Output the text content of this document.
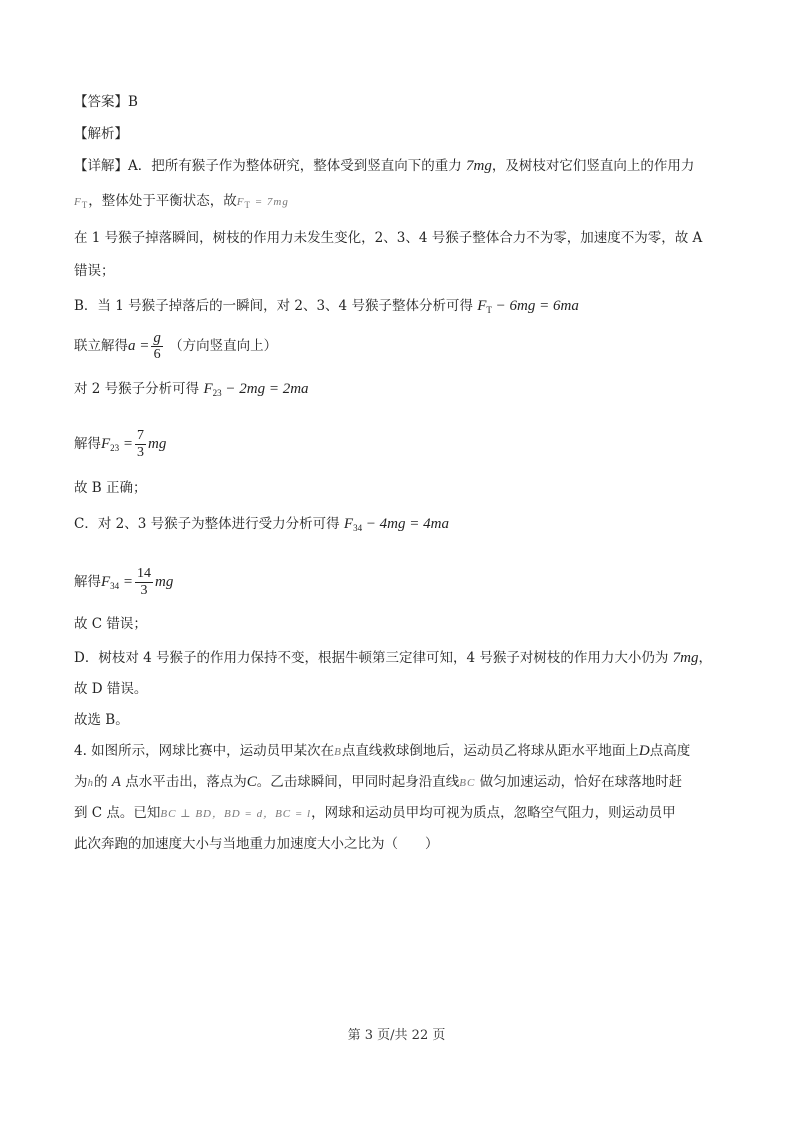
【答案】B
【解析】
【详解】A．把所有猴子作为整体研究，整体受到竖直向下的重力 7mg，及树枝对它们竖直向上的作用力
$F_T$，整体处于平衡状态，故$F_T = 7mg$
在 1 号猴子掉落瞬间，树枝的作用力未发生变化，2、3、4 号猴子整体合力不为零，加速度不为零，故 A
错误；
B．当 1 号猴子掉落后的一瞬间，对 2、3、4 号猴子整体分析可得 $F_T - 6mg = 6ma$
联立解得$a = \frac{g}{6}$ （方向竖直向上）
对 2 号猴子分析可得 $F_{23} - 2mg = 2ma$
解得$F_{23} = \frac{7}{3}$ mg
故 B 正确；
C．对 2、3 号猴子为整体进行受力分析可得 $F_{34} - 4mg = 4ma$
解得$F_{34} = \frac{14}{3}$ mg
故 C 错误；
D．树枝对 4 号猴子的作用力保持不变，根据牛顿第三定律可知，4 号猴子对树枝的作用力大小仍为 7mg，
故 D 错误。
故选 B。
4. 如图所示，网球比赛中，运动员甲某次在B点直线救球倒地后，运动员乙将球从距水平地面上D点高度
为h的 A 点水平击出，落点为C。乙击球瞬间，甲同时起身沿直线BC 做匀加速运动，恰好在球落地时赶
到 C 点。已知BC ⊥ BD，BD = d，BC = l，网球和运动员甲均可视为质点，忽略空气阻力，则运动员甲
此次奔跑的加速度大小与当地重力加速度大小之比为（　　）
第 3 页/共 22 页
